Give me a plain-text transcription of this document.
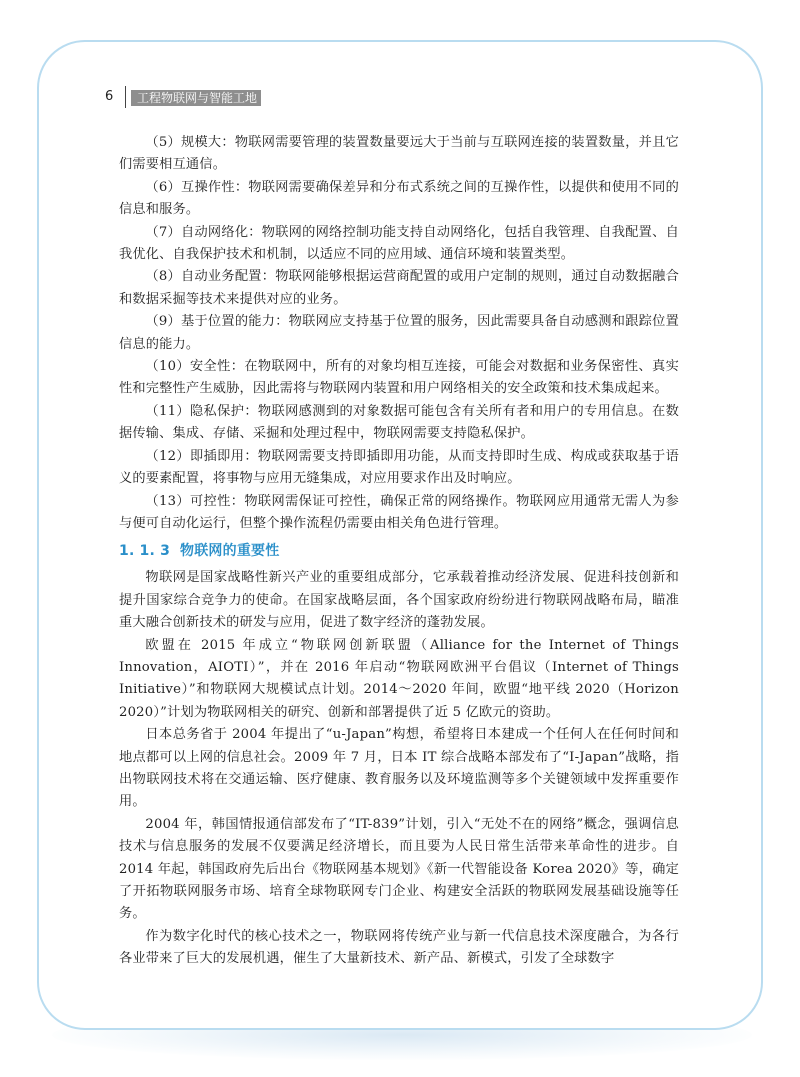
6	工程物联网与智能工地

（5）规模大：物联网需要管理的装置数量要远大于当前与互联网连接的装置数量，并且它们需要相互通信。

（6）互操作性：物联网需要确保差异和分布式系统之间的互操作性，以提供和使用不同的信息和服务。

（7）自动网络化：物联网的网络控制功能支持自动网络化，包括自我管理、自我配置、自我优化、自我保护技术和机制，以适应不同的应用域、通信环境和装置类型。

（8）自动业务配置：物联网能够根据运营商配置的或用户定制的规则，通过自动数据融合和数据采掘等技术来提供对应的业务。

（9）基于位置的能力：物联网应支持基于位置的服务，因此需要具备自动感测和跟踪位置信息的能力。

（10）安全性：在物联网中，所有的对象均相互连接，可能会对数据和业务保密性、真实性和完整性产生威胁，因此需将与物联网内装置和用户网络相关的安全政策和技术集成起来。

（11）隐私保护：物联网感测到的对象数据可能包含有关所有者和用户的专用信息。在数据传输、集成、存储、采掘和处理过程中，物联网需要支持隐私保护。

（12）即插即用：物联网需要支持即插即用功能，从而支持即时生成、构成或获取基于语义的要素配置，将事物与应用无缝集成，对应用要求作出及时响应。

（13）可控性：物联网需保证可控性，确保正常的网络操作。物联网应用通常无需人为参与便可自动化运行，但整个操作流程仍需要由相关角色进行管理。

1. 1. 3 物联网的重要性

物联网是国家战略性新兴产业的重要组成部分，它承载着推动经济发展、促进科技创新和提升国家综合竞争力的使命。在国家战略层面，各个国家政府纷纷进行物联网战略布局，瞄准重大融合创新技术的研发与应用，促进了数字经济的蓬勃发展。

欧盟在 2015 年成立“物联网创新联盟（Alliance for the Internet of Things Innovation，AIOTI）”，并在 2016 年启动“物联网欧洲平台倡议（Internet of Things Initiative）”和物联网大规模试点计划。2014～2020 年间，欧盟“地平线 2020（Horizon 2020）”计划为物联网相关的研究、创新和部署提供了近 5 亿欧元的资助。

日本总务省于 2004 年提出了“u-Japan”构想，希望将日本建成一个任何人在任何时间和地点都可以上网的信息社会。2009 年 7 月，日本 IT 综合战略本部发布了“I-Japan”战略，指出物联网技术将在交通运输、医疗健康、教育服务以及环境监测等多个关键领域中发挥重要作用。

2004 年，韩国情报通信部发布了“IT-839”计划，引入“无处不在的网络”概念，强调信息技术与信息服务的发展不仅要满足经济增长，而且要为人民日常生活带来革命性的进步。自 2014 年起，韩国政府先后出台《物联网基本规划》《新一代智能设备 Korea 2020》等，确定了开拓物联网服务市场、培育全球物联网专门企业、构建安全活跃的物联网发展基础设施等任务。

作为数字化时代的核心技术之一，物联网将传统产业与新一代信息技术深度融合，为各行各业带来了巨大的发展机遇，催生了大量新技术、新产品、新模式，引发了全球数字
